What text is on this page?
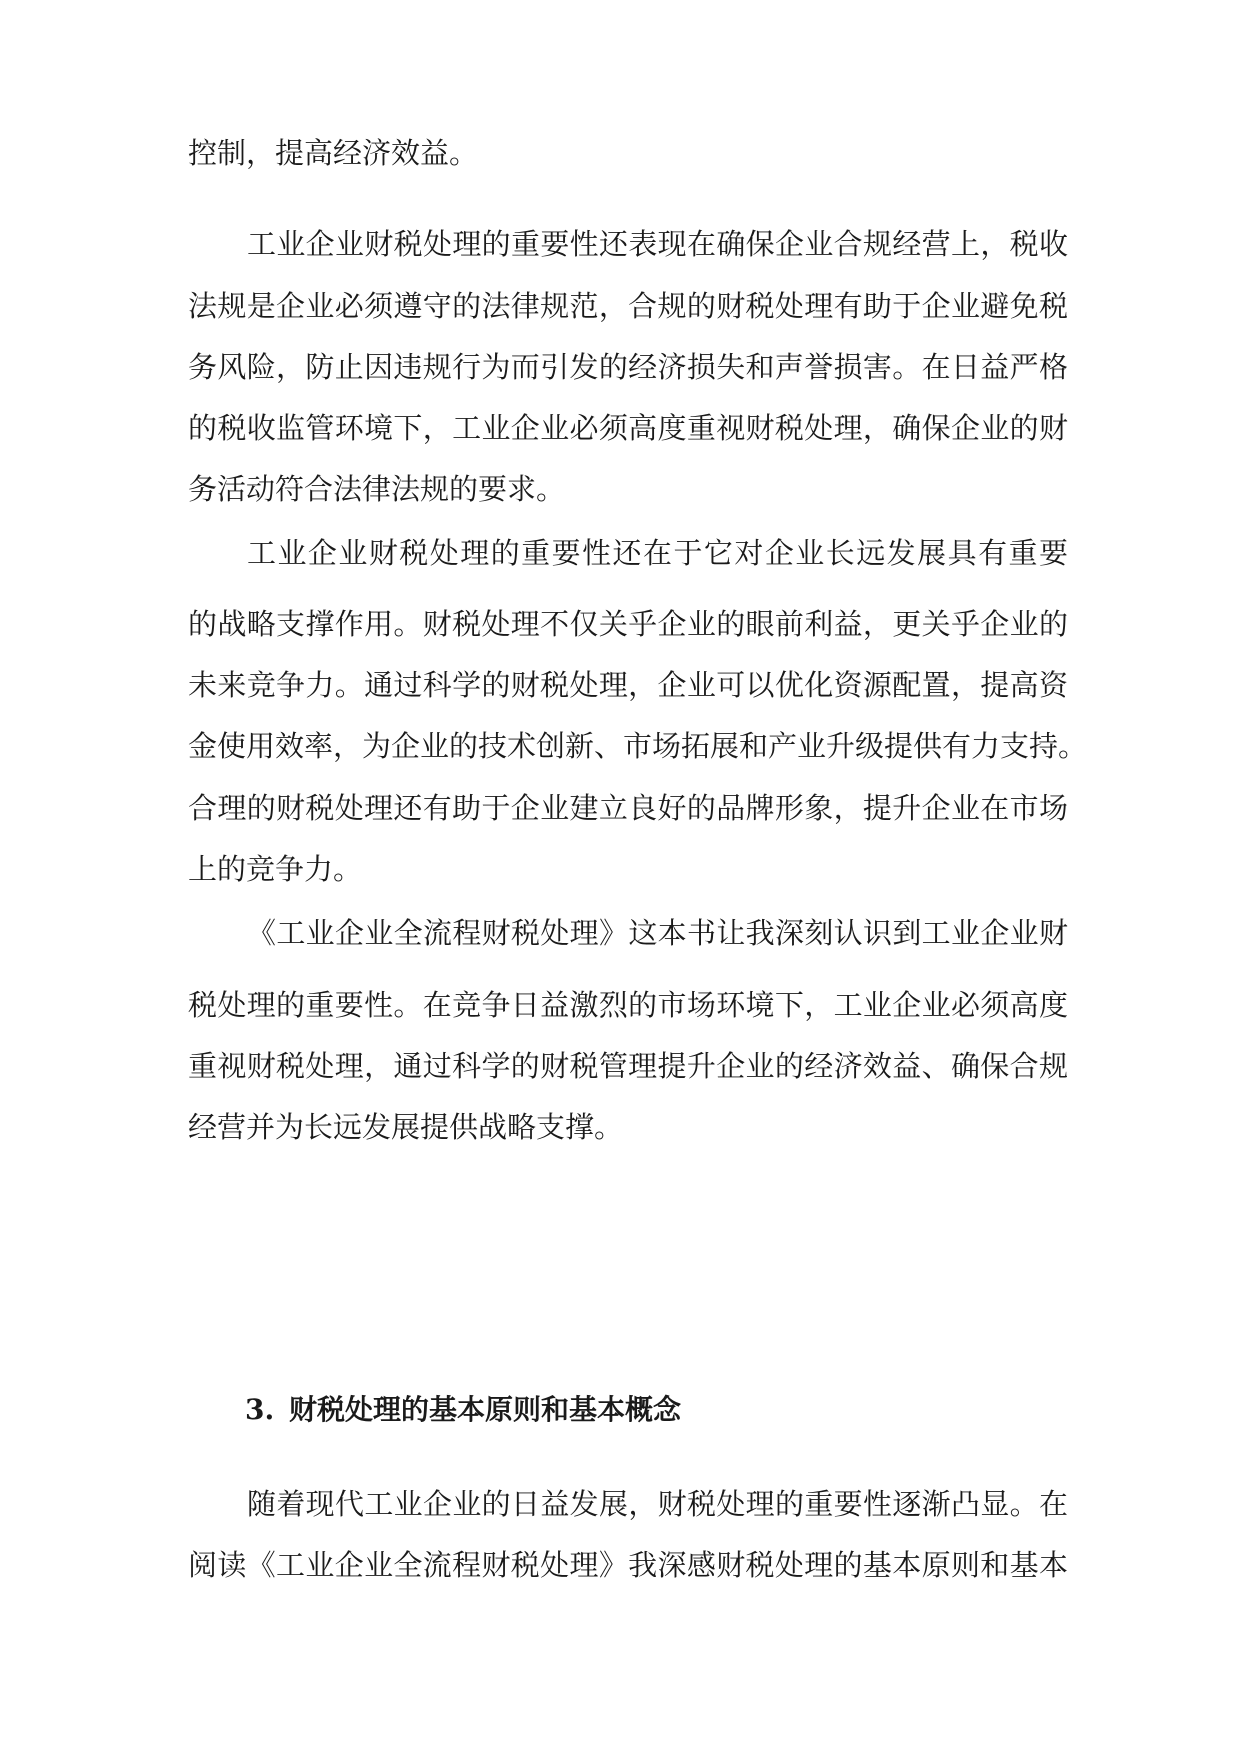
控制，提高经济效益。
工业企业财税处理的重要性还表现在确保企业合规经营上，税收
法规是企业必须遵守的法律规范，合规的财税处理有助于企业避免税
务风险，防止因违规行为而引发的经济损失和声誉损害。在日益严格
的税收监管环境下，工业企业必须高度重视财税处理，确保企业的财
务活动符合法律法规的要求。
工业企业财税处理的重要性还在于它对企业长远发展具有重要
的战略支撑作用。财税处理不仅关乎企业的眼前利益，更关乎企业的
未来竞争力。通过科学的财税处理，企业可以优化资源配置，提高资
金使用效率，为企业的技术创新、市场拓展和产业升级提供有力支持。
合理的财税处理还有助于企业建立良好的品牌形象，提升企业在市场
上的竞争力。
《工业企业全流程财税处理》这本书让我深刻认识到工业企业财
税处理的重要性。在竞争日益激烈的市场环境下，工业企业必须高度
重视财税处理，通过科学的财税管理提升企业的经济效益、确保合规
经营并为长远发展提供战略支撑。
3. 财税处理的基本原则和基本概念
随着现代工业企业的日益发展，财税处理的重要性逐渐凸显。在
阅读《工业企业全流程财税处理》我深感财税处理的基本原则和基本
